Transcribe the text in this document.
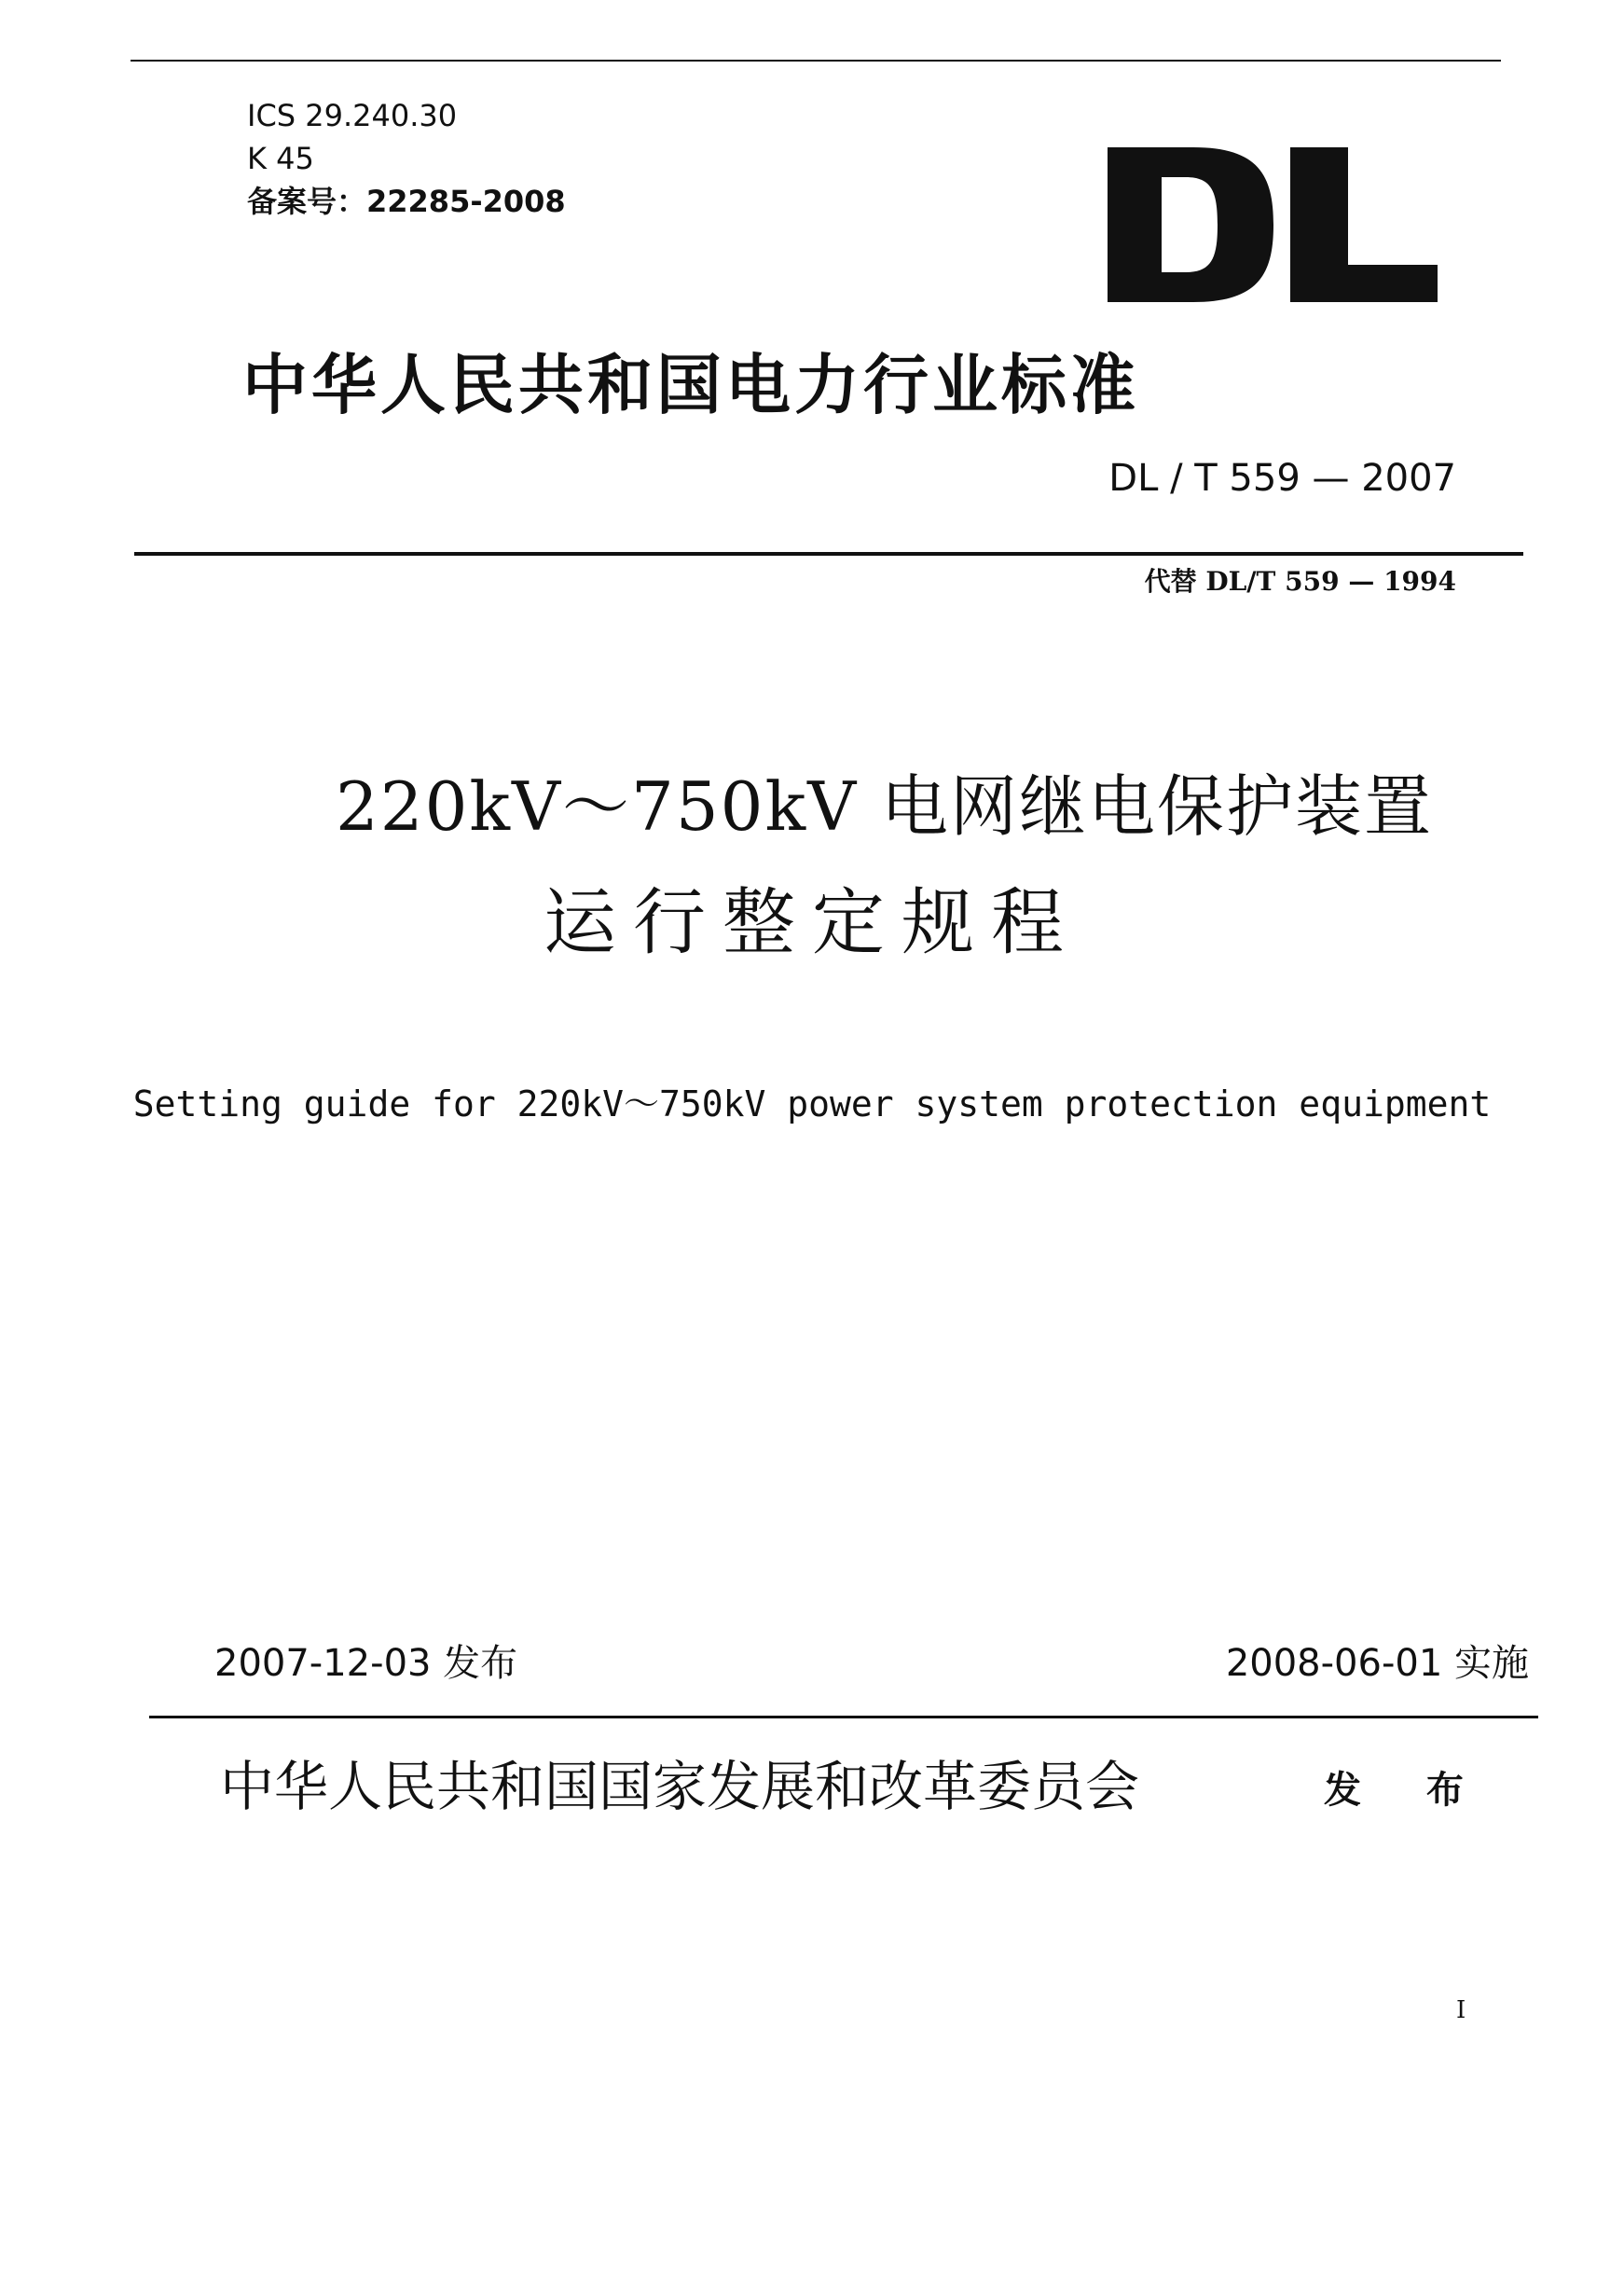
ICS 29.240.30
K 45
备案号：22285-2008
中华人民共和国电力行业标准
DL / T 559 — 2007
代替 DL/T 559 — 1994
220kV～750kV 电网继电保护装置
运行整定规程
Setting guide for 220kV～750kV power system protection equipment
2007-12-03 发布	2008-06-01 实施
中华人民共和国国家发展和改革委员会	发 布
I
